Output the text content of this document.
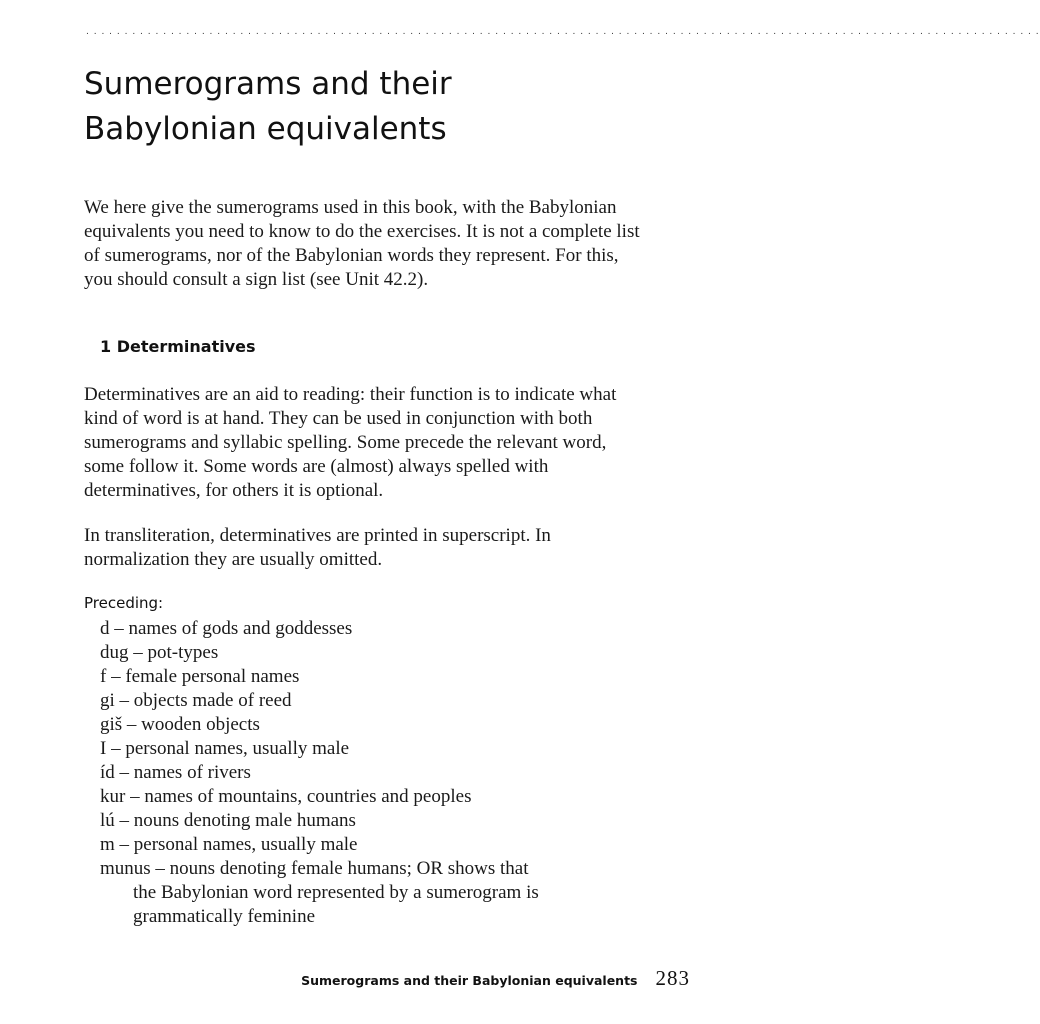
. . . . . . . . . . . . . . . . . . . . . . . . . . . . . . . . . . . . . . . . . . . . . . . . . . . . . . . . . . . . . . . . . . . . . . . . . . . . . . . . . . . . . . . . . . . . . . . . . . . . . . . . . . . . . . . . . . . . . . . . . . . .
Sumerograms and their
Babylonian equivalents

We here give the sumerograms used in this book, with the Babylonian equivalents you need to know to do the exercises. It is not a complete list of sumerograms, nor of the Babylonian words they represent. For this, you should consult a sign list (see Unit 42.2).

1 Determinatives

Determinatives are an aid to reading: their function is to indicate what kind of word is at hand. They can be used in conjunction with both sumerograms and syllabic spelling. Some precede the relevant word, some follow it. Some words are (almost) always spelled with determinatives, for others it is optional.

In transliteration, determinatives are printed in superscript. In normalization they are usually omitted.

Preceding:
d – names of gods and goddesses
dug – pot-types
f – female personal names
gi – objects made of reed
giš – wooden objects
I – personal names, usually male
íd – names of rivers
kur – names of mountains, countries and peoples
lú – nouns denoting male humans
m – personal names, usually male
munus – nouns denoting female humans; OR shows that
the Babylonian word represented by a sumerogram is
grammatically feminine
Sumerograms and their Babylonian equivalents 283
